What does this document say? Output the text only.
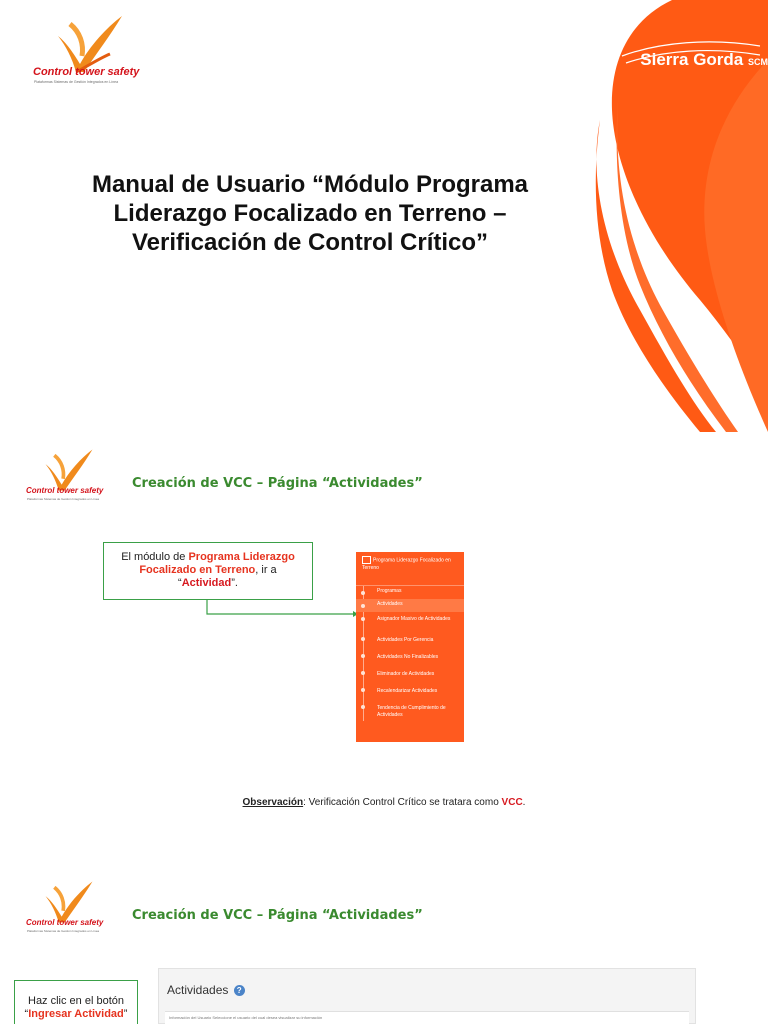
Sierra Gorda SCM
Control tower safety
Plataformas Sistemas de Gestión Integrados en Línea
Manual de Usuario “Módulo Programa
Liderazgo Focalizado en Terreno –
Verificación de Control Crítico”
Control tower safety
Plataformas Sistemas de Gestión Integrados en Línea
Creación de VCC – Página “Actividades”
El módulo de Programa Liderazgo Focalizado en Terreno, ir a “Actividad”.
Programa Liderazgo Focalizado en Terreno
Programas
Actividades
Asignador Masivo de Actividades
Actividades Por Gerencia
Actividades No Finalizables
Eliminador de Actividades
Recalendarizar Actividades
Tendencia de Cumplimiento de Actividades
Observación: Verificación Control Crítico se tratara como VCC.
Control tower safety
Plataformas Sistemas de Gestión Integrados en Línea
Creación de VCC – Página “Actividades”
Haz clic en el botón
“Ingresar Actividad”
Actividades ?
Información del Usuario Seleccione el usuario del cual desea visualizar su información
